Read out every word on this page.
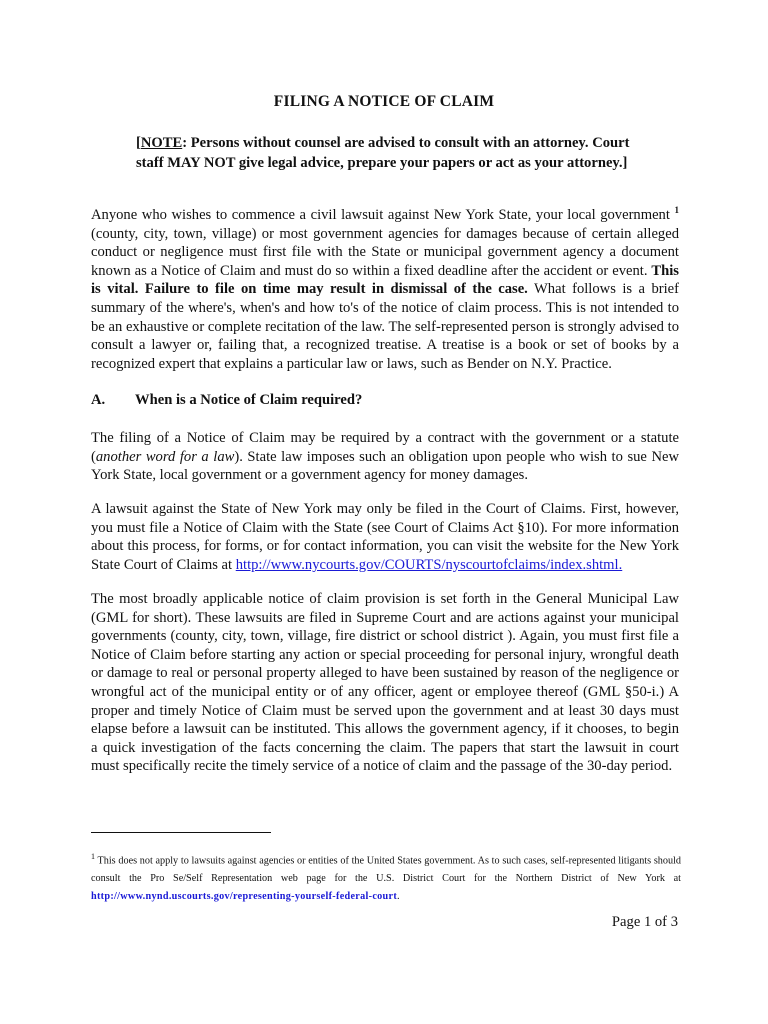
FILING A NOTICE OF CLAIM
[NOTE: Persons without counsel are advised to consult with an attorney. Court staff MAY NOT give legal advice, prepare your papers or act as your attorney.]

Anyone who wishes to commence a civil lawsuit against New York State, your local government $^1$ (county, city, town, village) or most government agencies for damages because of certain alleged conduct or negligence must first file with the State or municipal government agency a document known as a Notice of Claim and must do so within a fixed deadline after the accident or event. This is vital. Failure to file on time may result in dismissal of the case. What follows is a brief summary of the where's, when's and how to's of the notice of claim process. This is not intended to be an exhaustive or complete recitation of the law. The self-represented person is strongly advised to consult a lawyer or, failing that, a recognized treatise. A treatise is a book or set of books by a recognized expert that explains a particular law or laws, such as Bender on N.Y. Practice.

A. When is a Notice of Claim required?

The filing of a Notice of Claim may be required by a contract with the government or a statute (another word for a law). State law imposes such an obligation upon people who wish to sue New York State, local government or a government agency for money damages.

A lawsuit against the State of New York may only be filed in the Court of Claims. First, however, you must file a Notice of Claim with the State (see Court of Claims Act §10). For more information about this process, for forms, or for contact information, you can visit the website for the New York State Court of Claims at http://www.nycourts.gov/COURTS/nyscourtofclaims/index.shtml.

The most broadly applicable notice of claim provision is set forth in the General Municipal Law (GML for short). These lawsuits are filed in Supreme Court and are actions against your municipal governments (county, city, town, village, fire district or school district ). Again, you must first file a Notice of Claim before starting any action or special proceeding for personal injury, wrongful death or damage to real or personal property alleged to have been sustained by reason of the negligence or wrongful act of the municipal entity or of any officer, agent or employee thereof (GML §50-i.) A proper and timely Notice of Claim must be served upon the government and at least 30 days must elapse before a lawsuit can be instituted. This allows the government agency, if it chooses, to begin a quick investigation of the facts concerning the claim. The papers that start the lawsuit in court must specifically recite the timely service of a notice of claim and the passage of the 30-day period.

$^1$ This does not apply to lawsuits against agencies or entities of the United States government. As to such cases, self-represented litigants should consult the Pro Se/Self Representation web page for the U.S. District Court for the Northern District of New York at http://www.nynd.uscourts.gov/representing-yourself-federal-court.
Page 1 of 3
